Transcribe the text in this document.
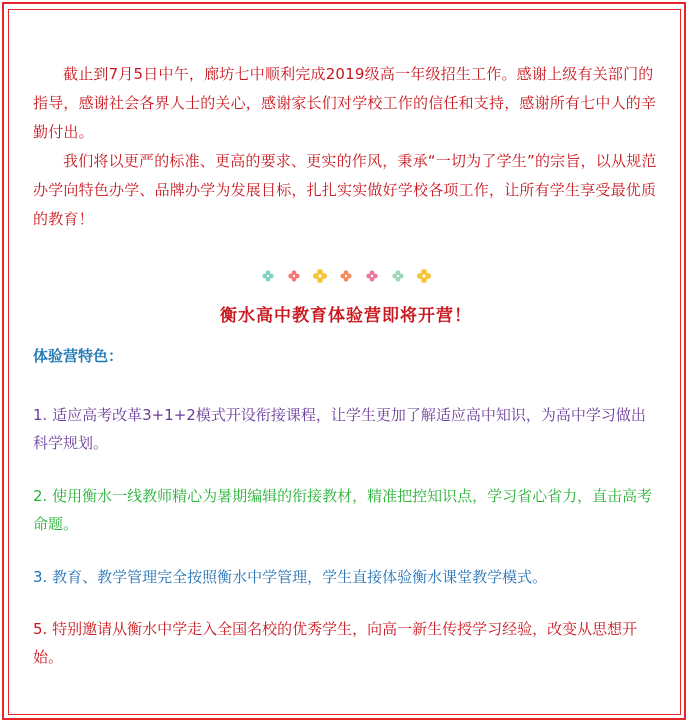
截止到7月5日中午，廊坊七中顺利完成2019级高一年级招生工作。感谢上级有关部门的指导，感谢社会各界人士的关心，感谢家长们对学校工作的信任和支持，感谢所有七中人的辛勤付出。

我们将以更严的标准、更高的要求、更实的作风，秉承“一切为了学生”的宗旨，以从规范办学向特色办学、品牌办学为发展目标，扎扎实实做好学校各项工作，让所有学生享受最优质的教育！

衡水高中教育体验营即将开营！
体验营特色：

1. 适应高考改革3+1+2模式开设衔接课程，让学生更加了解适应高中知识，为高中学习做出科学规划。

2. 使用衡水一线教师精心为暑期编辑的衔接教材，精准把控知识点，学习省心省力，直击高考命题。

3. 教育、教学管理完全按照衡水中学管理，学生直接体验衡水课堂教学模式。

5. 特别邀请从衡水中学走入全国名校的优秀学生，向高一新生传授学习经验，改变从思想开始。
